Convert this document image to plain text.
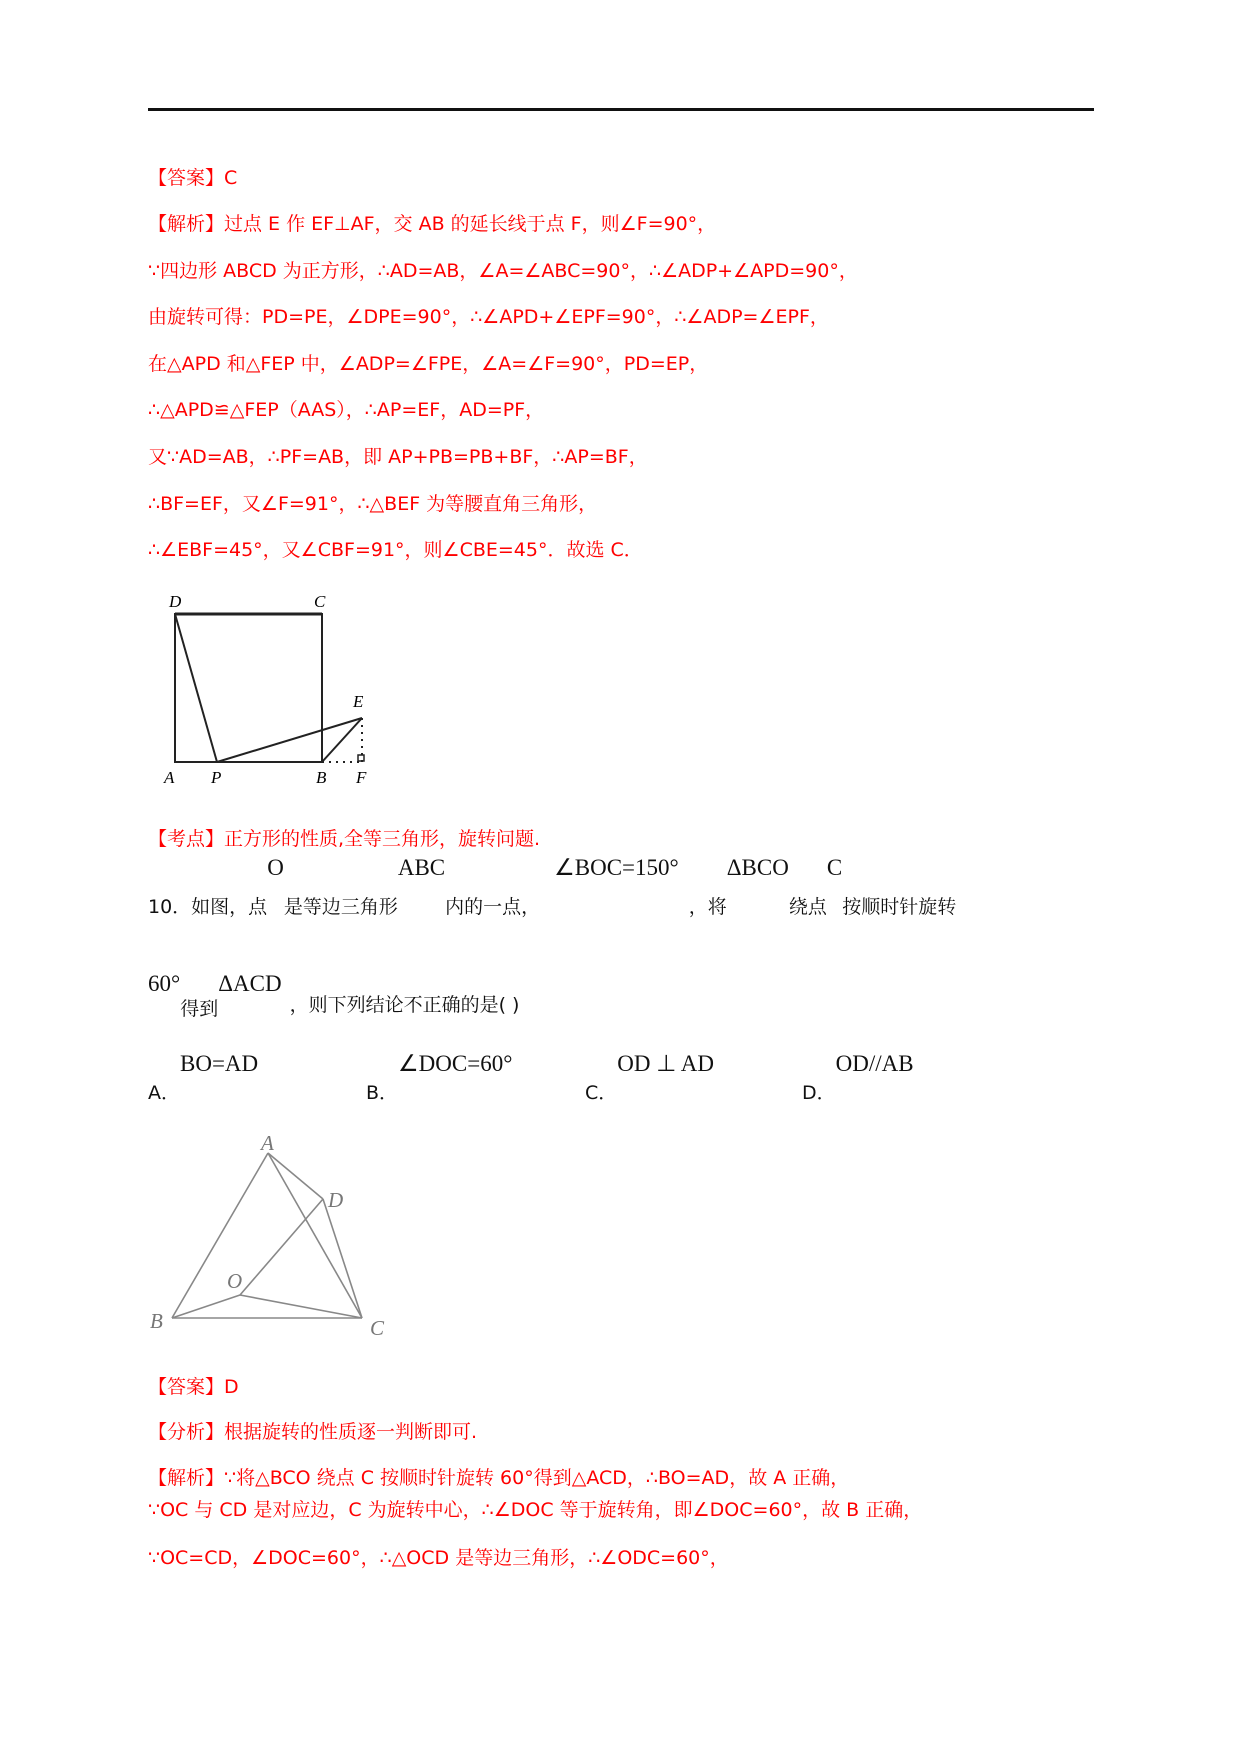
【答案】C
【解析】过点 E 作 EF⊥AF，交 AB 的延长线于点 F，则∠F=90°，
∵四边形 ABCD 为正方形，∴AD=AB，∠A=∠ABC=90°，∴∠ADP+∠APD=90°，
由旋转可得：PD=PE，∠DPE=90°，∴∠APD+∠EPF=90°，∴∠ADP=∠EPF，
在△APD 和△FEP 中，∠ADP=∠FPE，∠A=∠F=90°，PD=EP，
∴△APD≌△FEP（AAS），∴AP=EF，AD=PF，
又∵AD=AB，∴PF=AB，即 AP+PB=PB+BF，∴AP=BF，
∴BF=EF，又∠F=91°，∴△BEF 为等腰直角三角形，
∴∠EBF=45°，又∠CBF=91°，则∠CBE=45°．故选 C．
D	C
E
A P	B F
【考点】正方形的性质,全等三角形，旋转问题.
10．如图，点O是等边三角形ABC内的一点，∠BOC=150°，将ΔBCO绕点C按顺时针旋转
60°得到ΔACD，则下列结论不正确的是( )
A．BO=AD
B．∠DOC=60°
C．OD ⊥ AD
D．OD//AB
A
D
O
B	C
【答案】D
【分析】根据旋转的性质逐一判断即可.
【解析】∵将△BCO 绕点 C 按顺时针旋转 60°得到△ACD，∴BO=AD，故 A 正确，
∵OC 与 CD 是对应边，C 为旋转中心，∴∠DOC 等于旋转角，即∠DOC=60°，故 B 正确，
∵OC=CD，∠DOC=60°，∴△OCD 是等边三角形，∴∠ODC=60°，
